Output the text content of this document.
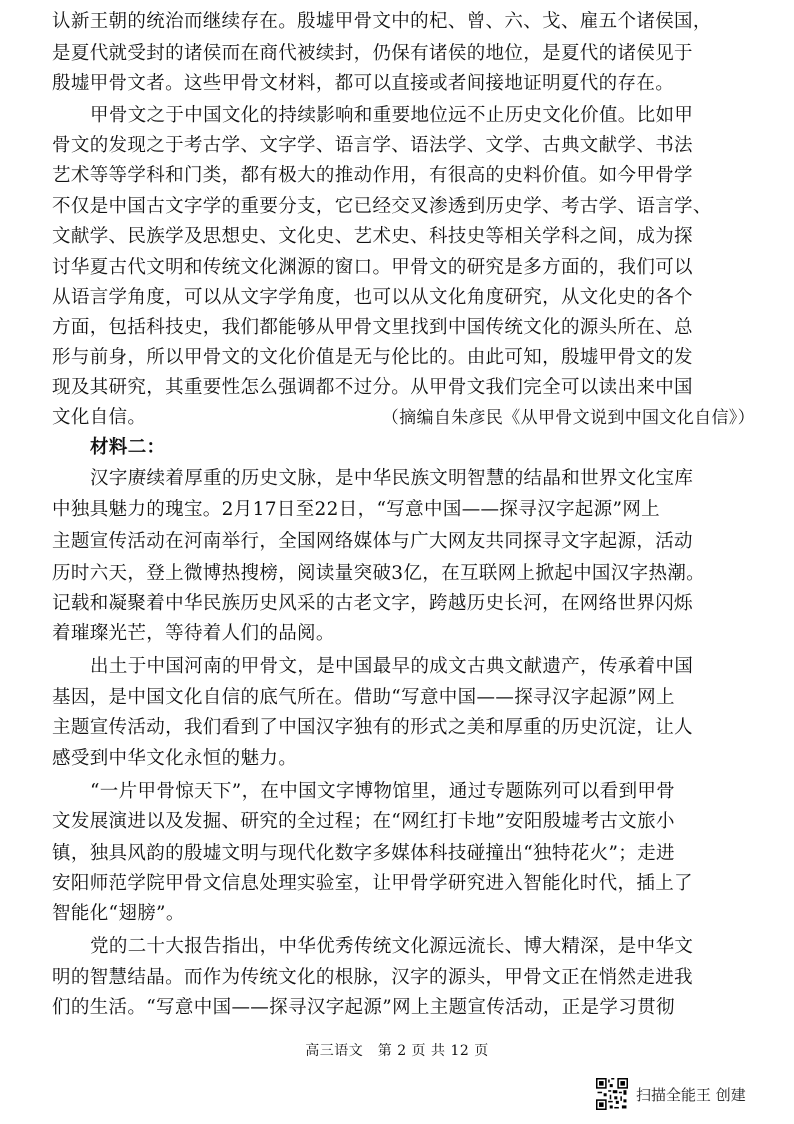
认新王朝的统治而继续存在。殷墟甲骨文中的杞、曾、六、戈、雇五个诸侯国，
是夏代就受封的诸侯而在商代被续封，仍保有诸侯的地位，是夏代的诸侯见于
殷墟甲骨文者。这些甲骨文材料，都可以直接或者间接地证明夏代的存在。
甲骨文之于中国文化的持续影响和重要地位远不止历史文化价值。比如甲
骨文的发现之于考古学、文字学、语言学、语法学、文学、古典文献学、书法
艺术等等学科和门类，都有极大的推动作用，有很高的史料价值。如今甲骨学
不仅是中国古文字学的重要分支，它已经交叉渗透到历史学、考古学、语言学、
文献学、民族学及思想史、文化史、艺术史、科技史等相关学科之间，成为探
讨华夏古代文明和传统文化渊源的窗口。甲骨文的研究是多方面的，我们可以
从语言学角度，可以从文字学角度，也可以从文化角度研究，从文化史的各个
方面，包括科技史，我们都能够从甲骨文里找到中国传统文化的源头所在、总
形与前身，所以甲骨文的文化价值是无与伦比的。由此可知，殷墟甲骨文的发
现及其研究，其重要性怎么强调都不过分。从甲骨文我们完全可以读出来中国
文化自信。	（摘编自朱彦民《从甲骨文说到中国文化自信》）
材料二：
汉字赓续着厚重的历史文脉，是中华民族文明智慧的结晶和世界文化宝库
中独具魅力的瑰宝。2月17日至22日，“写意中国——探寻汉字起源”网上
主题宣传活动在河南举行，全国网络媒体与广大网友共同探寻文字起源，活动
历时六天，登上微博热搜榜，阅读量突破3亿，在互联网上掀起中国汉字热潮。
记载和凝聚着中华民族历史风采的古老文字，跨越历史长河，在网络世界闪烁
着璀璨光芒，等待着人们的品阅。
出土于中国河南的甲骨文，是中国最早的成文古典文献遗产，传承着中国
基因，是中国文化自信的底气所在。借助“写意中国——探寻汉字起源”网上
主题宣传活动，我们看到了中国汉字独有的形式之美和厚重的历史沉淀，让人
感受到中华文化永恒的魅力。
“一片甲骨惊天下”，在中国文字博物馆里，通过专题陈列可以看到甲骨
文发展演进以及发掘、研究的全过程；在“网红打卡地”安阳殷墟考古文旅小
镇，独具风韵的殷墟文明与现代化数字多媒体科技碰撞出“独特花火”；走进
安阳师范学院甲骨文信息处理实验室，让甲骨学研究进入智能化时代，插上了
智能化“翅膀”。
党的二十大报告指出，中华优秀传统文化源远流长、博大精深，是中华文
明的智慧结晶。而作为传统文化的根脉，汉字的源头，甲骨文正在悄然走进我
们的生活。“写意中国——探寻汉字起源”网上主题宣传活动，正是学习贯彻
高三语文　第 2 页 共 12 页
扫描全能王 创建
